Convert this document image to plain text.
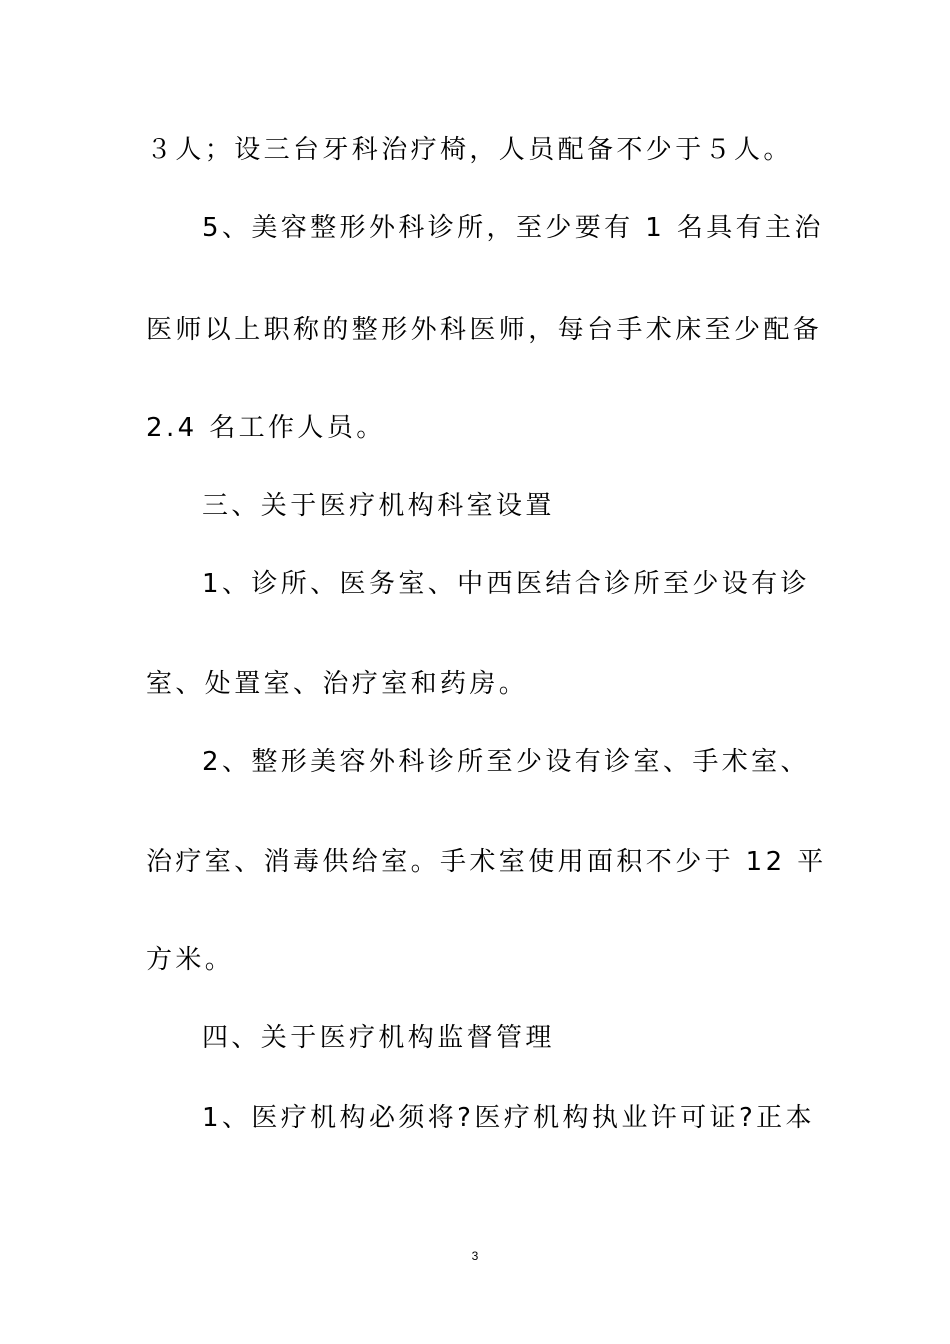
３人；设三台牙科治疗椅，人员配备不少于５人。
5、美容整形外科诊所，至少要有 1 名具有主治
医师以上职称的整形外科医师，每台手术床至少配备
2.4 名工作人员。
三、关于医疗机构科室设置
1、诊所、医务室、中西医结合诊所至少设有诊
室、处置室、治疗室和药房。
2、整形美容外科诊所至少设有诊室、手术室、
治疗室、消毒供给室。手术室使用面积不少于 12 平
方米。
四、关于医疗机构监督管理
1、医疗机构必须将?医疗机构执业许可证?正本
3
